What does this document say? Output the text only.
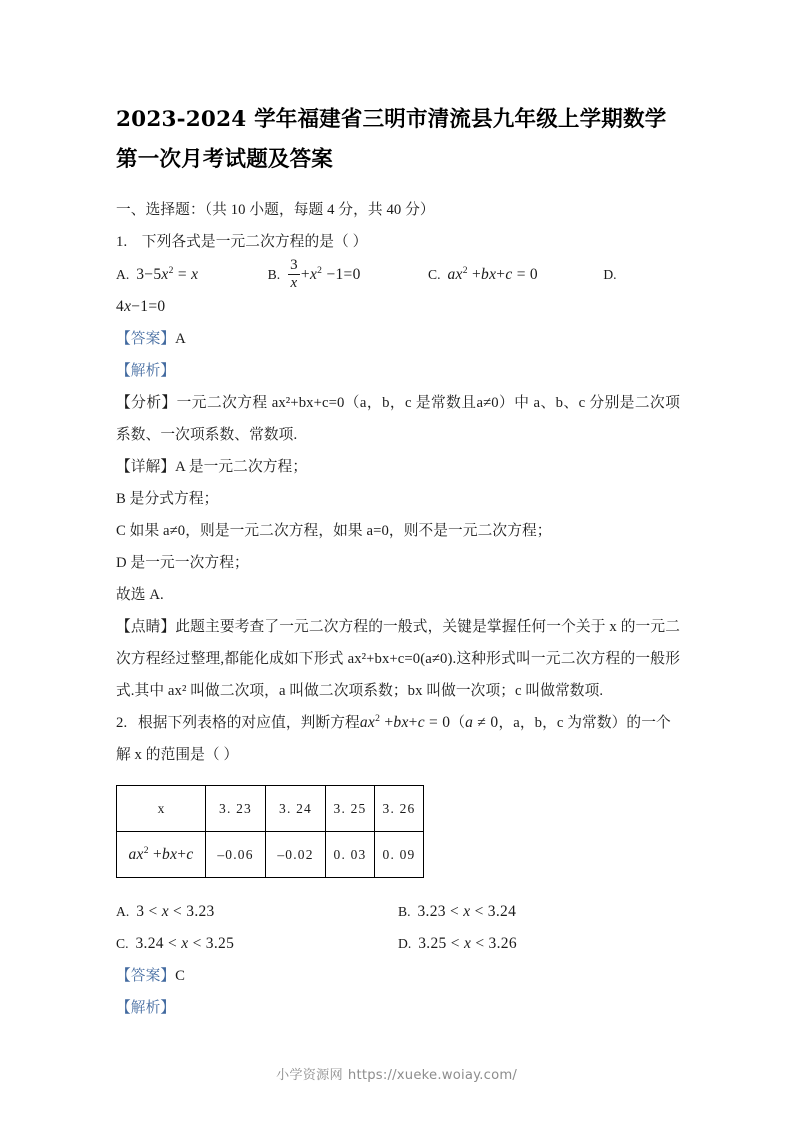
2023-2024 学年福建省三明市清流县九年级上学期数学第一次月考试题及答案

一、选择题：（共 10 小题，每题 4 分，共 40 分）

1. 下列各式是一元二次方程的是（ ）

A. $3-5x^2 = x$	B. $\frac{3}{x} +x^2 -1=0$	C. $ax^2 +bx+c = 0$	D.

4x−1=0

【答案】A

【解析】

【分析】一元二次方程 ax²+bx+c=0（a，b，c 是常数且a≠0）中 a、b、c 分别是二次项系数、一次项系数、常数项.

【详解】A 是一元二次方程；

B 是分式方程；

C 如果 a≠0，则是一元二次方程，如果 a=0，则不是一元二次方程；

D 是一元一次方程；

故选 A.

【点睛】此题主要考查了一元二次方程的一般式，关键是掌握任何一个关于 x 的一元二次方程经过整理,都能化成如下形式 ax²+bx+c=0(a≠0).这种形式叫一元二次方程的一般形式.其中 ax² 叫做二次项，a 叫做二次项系数；bx 叫做一次项；c 叫做常数项.

2. 根据下列表格的对应值，判断方程$ax^2 +bx+c = 0(a \ne 0$，a，b，c 为常数）的一个

解 x 的范围是（ ）

x	3. 23	3. 24	3. 25	3. 26
$ax^2 +bx+c$	–0.06	–0.02	0. 03	0. 09
A. 3 < x < 3.23	B. 3.23 < x < 3.24
C. 3.24 < x < 3.25	D. 3.25 < x < 3.26

【答案】C

【解析】

小学资源网 https://xueke.woiay.com/
